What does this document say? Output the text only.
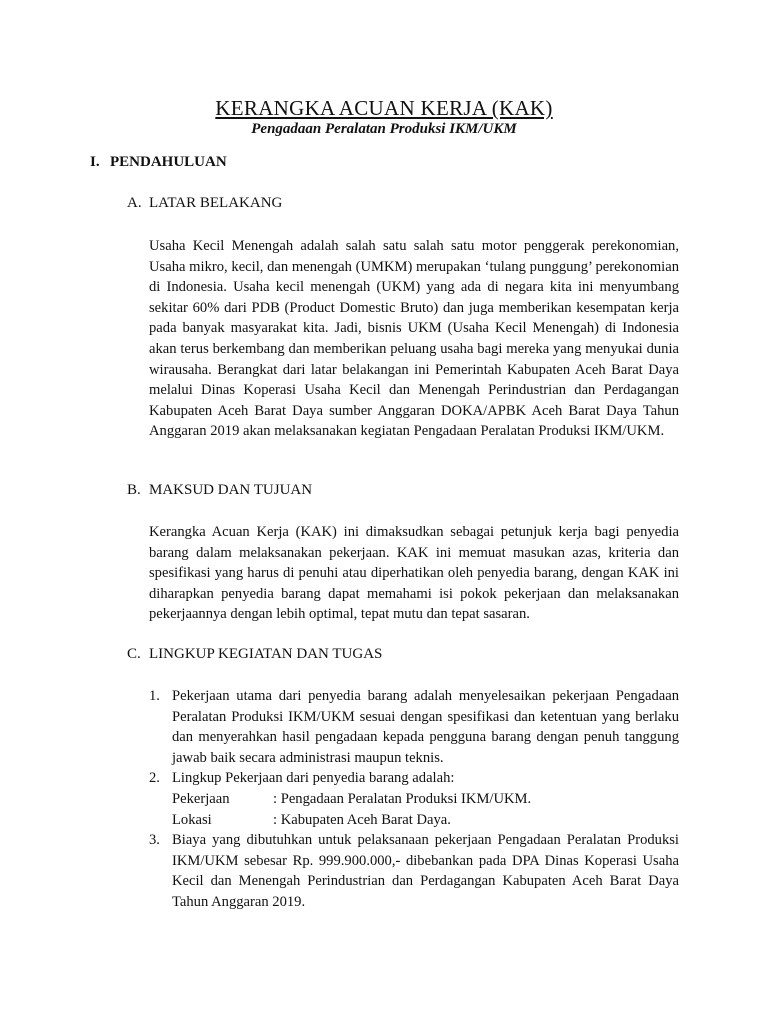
KERANGKA ACUAN KERJA (KAK)
Pengadaan Peralatan Produksi IKM/UKM
I. PENDAHULUAN
A. LATAR BELAKANG
Usaha Kecil Menengah adalah salah satu salah satu motor penggerak perekonomian, Usaha mikro, kecil, dan menengah (UMKM) merupakan ‘tulang punggung’ perekonomian di Indonesia. Usaha kecil menengah (UKM) yang ada di negara kita ini menyumbang sekitar 60% dari PDB (Product Domestic Bruto) dan juga memberikan kesempatan kerja pada banyak masyarakat kita. Jadi, bisnis UKM (Usaha Kecil Menengah) di Indonesia akan terus berkembang dan memberikan peluang usaha bagi mereka yang menyukai dunia wirausaha. Berangkat dari latar belakangan ini Pemerintah Kabupaten Aceh Barat Daya melalui Dinas Koperasi Usaha Kecil dan Menengah Perindustrian dan Perdagangan Kabupaten Aceh Barat Daya sumber Anggaran DOKA/APBK Aceh Barat Daya Tahun Anggaran 2019 akan melaksanakan kegiatan Pengadaan Peralatan Produksi IKM/UKM.
B. MAKSUD DAN TUJUAN
Kerangka Acuan Kerja (KAK) ini dimaksudkan sebagai petunjuk kerja bagi penyedia barang dalam melaksanakan pekerjaan. KAK ini memuat masukan azas, kriteria dan spesifikasi yang harus di penuhi atau diperhatikan oleh penyedia barang, dengan KAK ini diharapkan penyedia barang dapat memahami isi pokok pekerjaan dan melaksanakan pekerjaannya dengan lebih optimal, tepat mutu dan tepat sasaran.
C. LINGKUP KEGIATAN DAN TUGAS
1. Pekerjaan utama dari penyedia barang adalah menyelesaikan pekerjaan Pengadaan Peralatan Produksi IKM/UKM sesuai dengan spesifikasi dan ketentuan yang berlaku dan menyerahkan hasil pengadaan kepada pengguna barang dengan penuh tanggung jawab baik secara administrasi maupun teknis.
2. Lingkup Pekerjaan dari penyedia barang adalah:
Pekerjaan	: Pengadaan Peralatan Produksi IKM/UKM.
Lokasi	: Kabupaten Aceh Barat Daya.
3. Biaya yang dibutuhkan untuk pelaksanaan pekerjaan Pengadaan Peralatan Produksi IKM/UKM sebesar Rp. 999.900.000,- dibebankan pada DPA Dinas Koperasi Usaha Kecil dan Menengah Perindustrian dan Perdagangan Kabupaten Aceh Barat Daya Tahun Anggaran 2019.
